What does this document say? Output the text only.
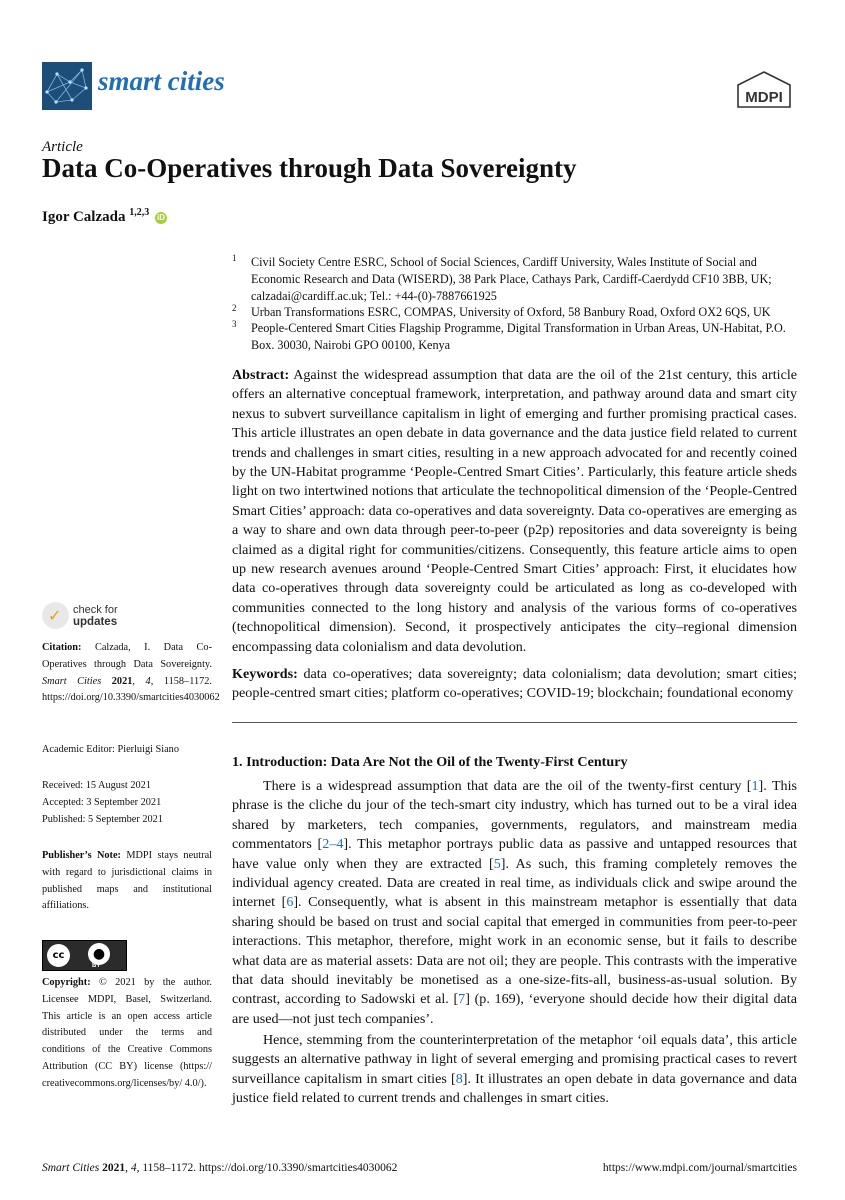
smart cities
MDPI
Article
Data Co-Operatives through Data Sovereignty
Igor Calzada $^{1,2,3}$ iD
1 Civil Society Centre ESRC, School of Social Sciences, Cardiff University, Wales Institute of Social and Economic Research and Data (WISERD), 38 Park Place, Cathays Park, Cardiff-Caerdydd CF10 3BB, UK; calzadai@cardiff.ac.uk; Tel.: +44-(0)-7887661925
2 Urban Transformations ESRC, COMPAS, University of Oxford, 58 Banbury Road, Oxford OX2 6QS, UK
3 People-Centered Smart Cities Flagship Programme, Digital Transformation in Urban Areas, UN-Habitat, P.O. Box. 30030, Nairobi GPO 00100, Kenya
Abstract: Against the widespread assumption that data are the oil of the 21st century, this article offers an alternative conceptual framework, interpretation, and pathway around data and smart city nexus to subvert surveillance capitalism in light of emerging and further promising practical cases. This article illustrates an open debate in data governance and the data justice field related to current trends and challenges in smart cities, resulting in a new approach advocated for and recently coined by the UN-Habitat programme ‘People-Centred Smart Cities’. Particularly, this feature article sheds light on two intertwined notions that articulate the technopolitical dimension of the ‘People-Centred Smart Cities’ approach: data co-operatives and data sovereignty. Data co-operatives are emerging as a way to share and own data through peer-to-peer (p2p) repositories and data sovereignty is being claimed as a digital right for communities/citizens. Consequently, this feature article aims to open up new research avenues around ‘People-Centred Smart Cities’ approach: First, it elucidates how data co-operatives through data sovereignty could be articulated as long as co-developed with communities connected to the long history and analysis of the various forms of co-operatives (technopolitical dimension). Second, it prospectively anticipates the city–regional dimension encompassing data colonialism and data devolution.
Keywords: data co-operatives; data sovereignty; data colonialism; data devolution; smart cities; people-centred smart cities; platform co-operatives; COVID-19; blockchain; foundational economy
1. Introduction: Data Are Not the Oil of the Twenty-First Century
There is a widespread assumption that data are the oil of the twenty-first century [1]. This phrase is the cliche du jour of the tech-smart city industry, which has turned out to be a viral idea shared by marketers, tech companies, governments, regulators, and mainstream media commentators [2–4]. This metaphor portrays public data as passive and untapped resources that have value only when they are extracted [5]. As such, this framing completely removes the individual agency created. Data are created in real time, as individuals click and swipe around the internet [6]. Consequently, what is absent in this mainstream metaphor is essentially that data sharing should be based on trust and social capital that emerged in communities from peer-to-peer interactions. This metaphor, therefore, might work in an economic sense, but it fails to describe what data are as material assets: Data are not oil; they are people. This contrasts with the imperative that data should inevitably be monetised as a one-size-fits-all, business-as-usual solution. By contrast, according to Sadowski et al. [7] (p. 169), ‘everyone should decide how their digital data are used—not just tech companies’.
Hence, stemming from the counterinterpretation of the metaphor ‘oil equals data’, this article suggests an alternative pathway in light of several emerging and promising practical cases to revert surveillance capitalism in smart cities [8]. It illustrates an open debate in data governance and data justice field related to current trends and challenges in smart cities.
✓ check for
updates
Citation: Calzada, I. Data Co-Operatives through Data Sovereignty. Smart Cities 2021, 4, 1158–1172. https://doi.org/10.3390/smartcities4030062
Academic Editor: Pierluigi Siano
Received: 15 August 2021
Accepted: 3 September 2021
Published: 5 September 2021
Publisher’s Note: MDPI stays neutral with regard to jurisdictional claims in published maps and institutional affiliations.
cc	●
BY
Copyright: © 2021 by the author. Licensee MDPI, Basel, Switzerland. This article is an open access article distributed under the terms and conditions of the Creative Commons Attribution (CC BY) license (https:// creativecommons.org/licenses/by/ 4.0/).
Smart Cities 2021, 4, 1158–1172. https://doi.org/10.3390/smartcities4030062	https://www.mdpi.com/journal/smartcities
